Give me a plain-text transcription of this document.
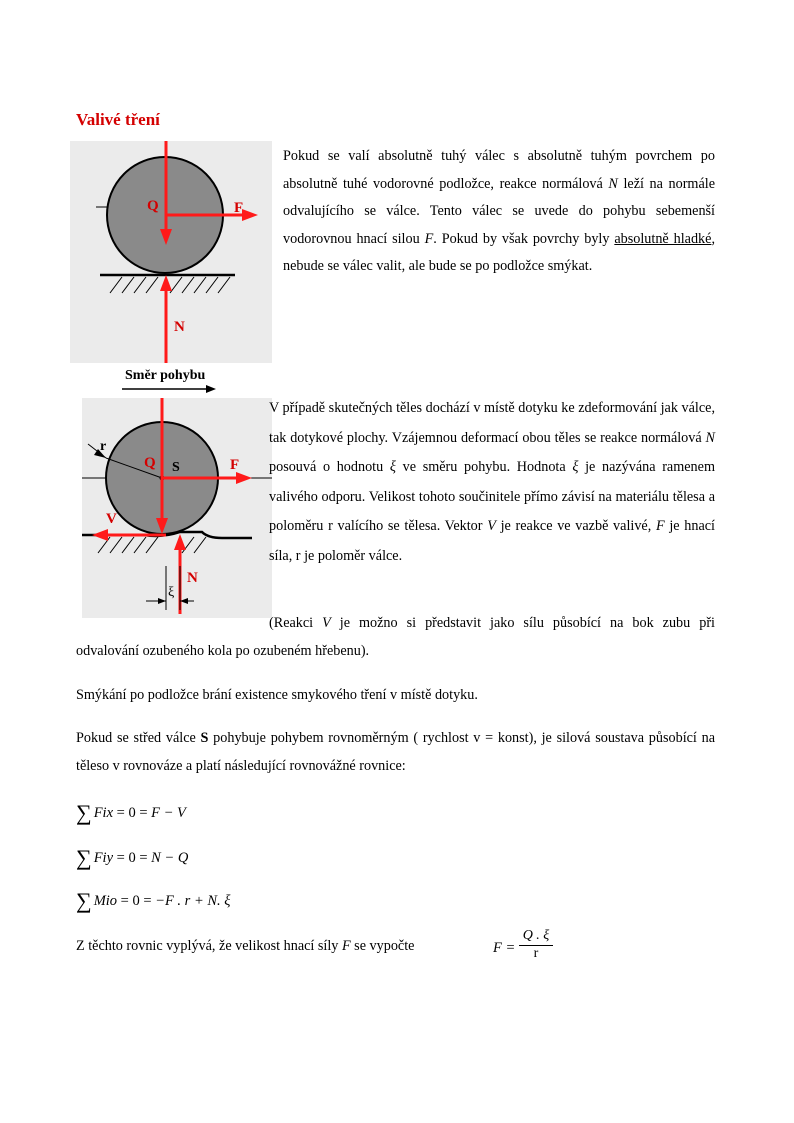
Valivé tření
Q	F
N
Směr pohybu
r
Q S	F
V
N
ξ
Pokud se valí absolutně tuhý válec s absolutně tuhým povrchem po absolutně tuhé vodorovné podložce, reakce normálová N leží na normále odvalujícího se válce. Tento válec se uvede do pohybu sebemenší vodorovnou hnací silou F. Pokud by však povrchy byly absolutně hladké, nebude se válec valit, ale bude se po podložce smýkat.
V případě skutečných těles dochází v místě dotyku ke zdeformování jak válce, tak dotykové plochy. Vzájemnou deformací obou těles se reakce normálová N posouvá o hodnotu ξ ve směru pohybu. Hodnota ξ je nazývána ramenem valivého odporu. Velikost tohoto součinitele přímo závisí na materiálu tělesa a poloměru r valícího se tělesa. Vektor V je reakce ve vazbě valivé, F je hnací síla, r je poloměr válce.
(Reakci V je možno si představit jako sílu působící na bok zubu při odvalování ozubeného kola po ozubeném hřebenu).
Smýkání po podložce brání existence smykového tření v místě dotyku.
Pokud se střed válce S pohybuje pohybem rovnoměrným ( rychlost v = konst), je silová soustava působící na těleso v rovnováze a platí následující rovnovážné rovnice:
∑ Fix = 0 = F − V
∑ Fiy = 0 = N − Q
∑ Mio = 0 = −F . r + N. ξ
Z těchto rovnic vyplývá, že velikost hnací síly F se vypočte	F =
Q . ξ
r
